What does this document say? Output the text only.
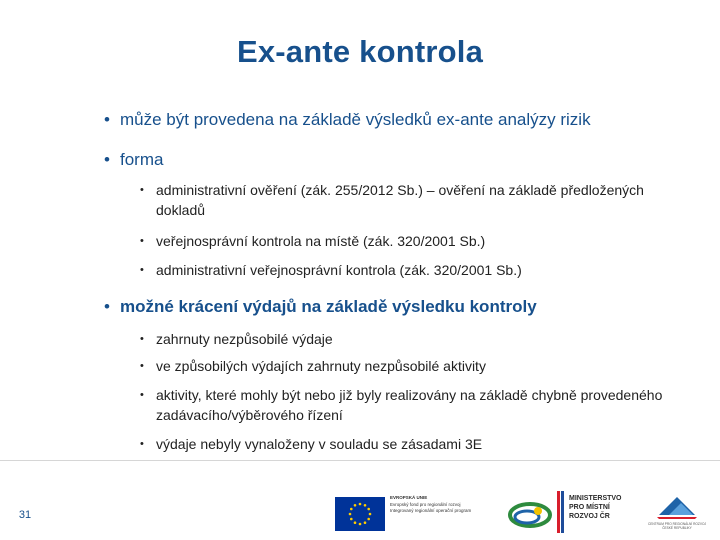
Ex-ante kontrola
• může být provedena na základě výsledků ex-ante analýzy rizik
• forma
• administrativní ověření (zák. 255/2012 Sb.) – ověření na základě předložených dokladů
• veřejnosprávní kontrola na místě (zák. 320/2001 Sb.)
• administrativní veřejnosprávní kontrola (zák. 320/2001 Sb.)
• možné krácení výdajů na základě výsledku kontroly
• zahrnuty nezpůsobilé výdaje
• ve způsobilých výdajích zahrnuty nezpůsobilé aktivity
• aktivity, které mohly být nebo již byly realizovány na základě chybně provedeného zadávacího/výběrového řízení
• výdaje nebyly vynaloženy v souladu se zásadami 3E
31
EVROPSKÁ UNIE
Evropský fond pro regionální rozvoj
Integrovaný regionální operační program
MINISTERSTVO
PRO MÍSTNÍ
ROZVOJ ČR
CENTRUM PRO REGIONÁLNÍ ROZVOJ
ČESKÉ REPUBLIKY
